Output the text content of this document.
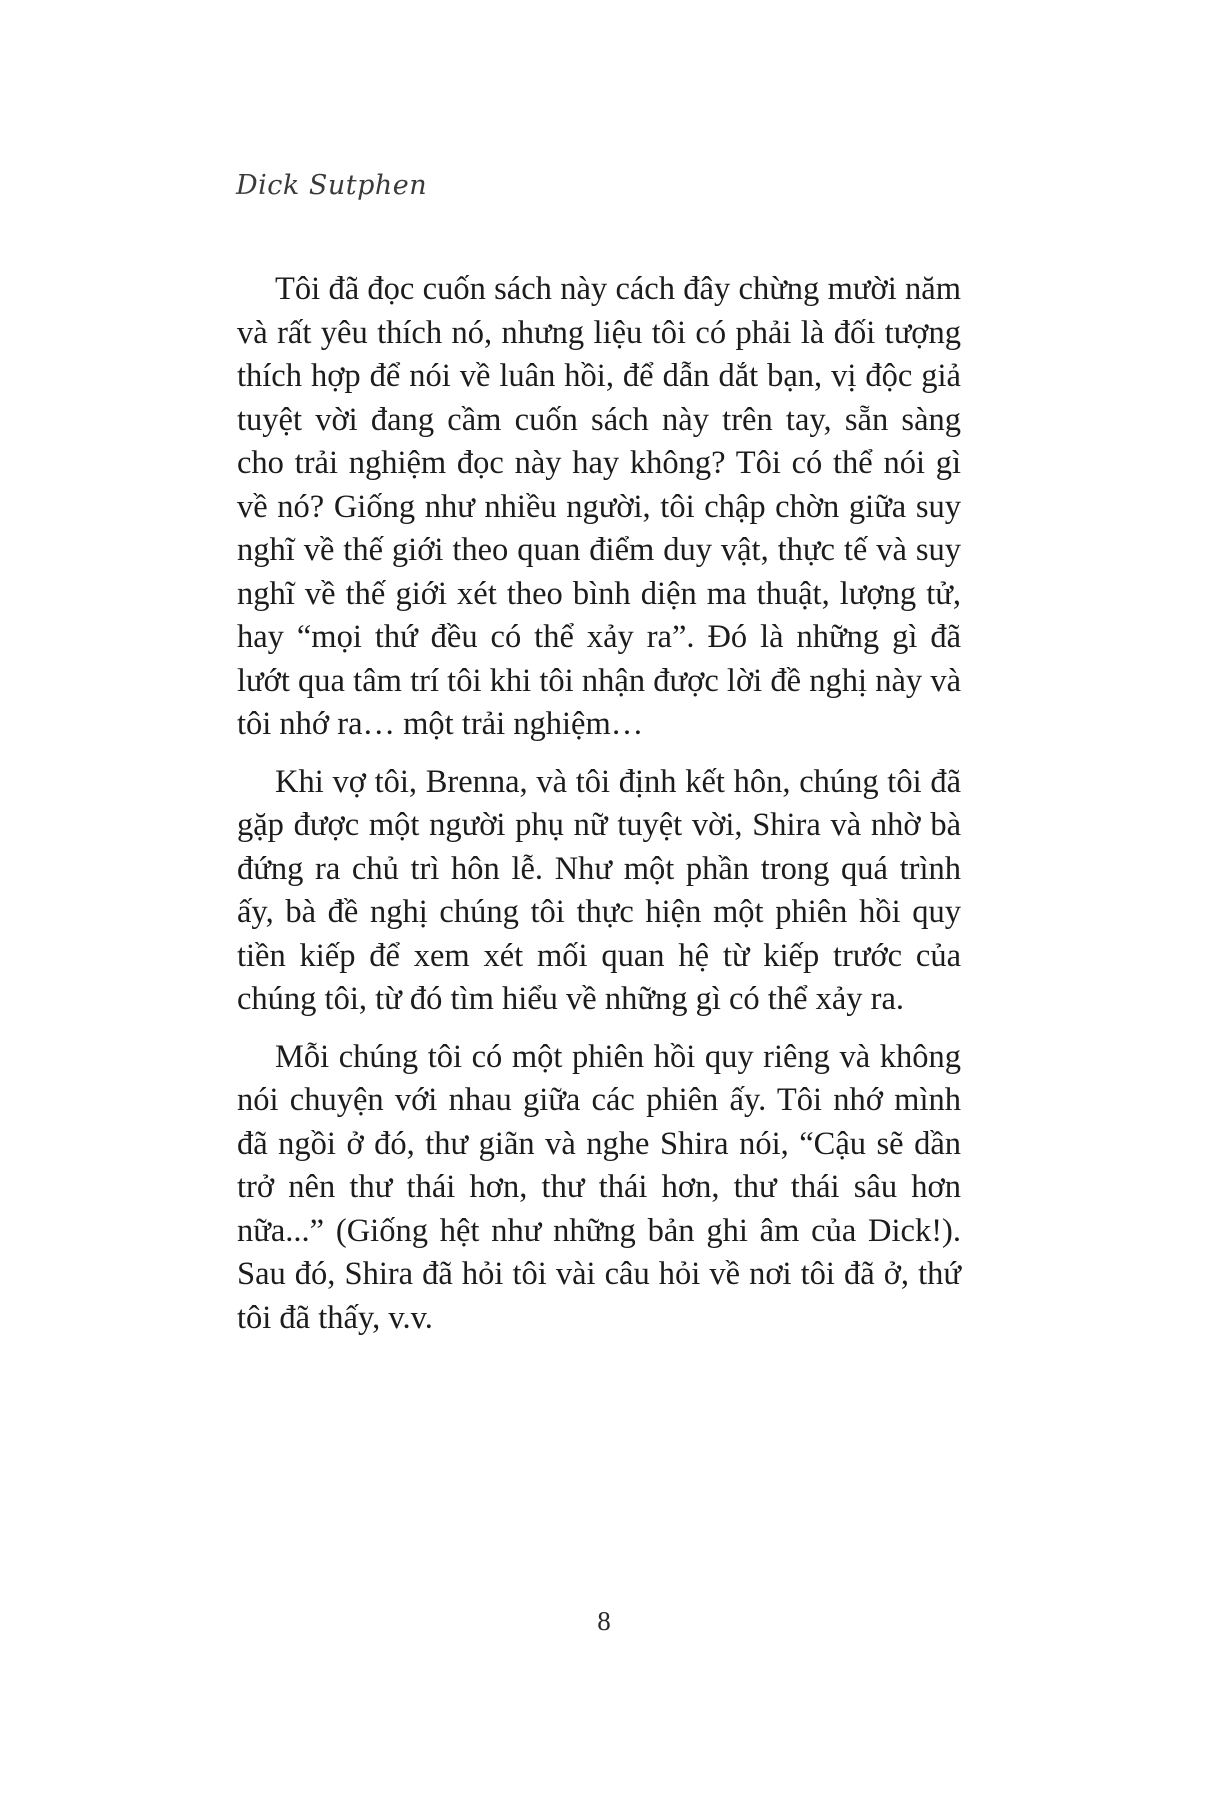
Dick Sutphen

Tôi đã đọc cuốn sách này cách đây chừng mười năm và rất yêu thích nó, nhưng liệu tôi có phải là đối tượng thích hợp để nói về luân hồi, để dẫn dắt bạn, vị độc giả tuyệt vời đang cầm cuốn sách này trên tay, sẵn sàng cho trải nghiệm đọc này hay không? Tôi có thể nói gì về nó? Giống như nhiều người, tôi chập chờn giữa suy nghĩ về thế giới theo quan điểm duy vật, thực tế và suy nghĩ về thế giới xét theo bình diện ma thuật, lượng tử, hay “mọi thứ đều có thể xảy ra”. Đó là những gì đã lướt qua tâm trí tôi khi tôi nhận được lời đề nghị này và tôi nhớ ra… một trải nghiệm…

Khi vợ tôi, Brenna, và tôi định kết hôn, chúng tôi đã gặp được một người phụ nữ tuyệt vời, Shira và nhờ bà đứng ra chủ trì hôn lễ. Như một phần trong quá trình ấy, bà đề nghị chúng tôi thực hiện một phiên hồi quy tiền kiếp để xem xét mối quan hệ từ kiếp trước của chúng tôi, từ đó tìm hiểu về những gì có thể xảy ra.

Mỗi chúng tôi có một phiên hồi quy riêng và không nói chuyện với nhau giữa các phiên ấy. Tôi nhớ mình đã ngồi ở đó, thư giãn và nghe Shira nói, “Cậu sẽ dần trở nên thư thái hơn, thư thái hơn, thư thái sâu hơn nữa...” (Giống hệt như những bản ghi âm của Dick!). Sau đó, Shira đã hỏi tôi vài câu hỏi về nơi tôi đã ở, thứ tôi đã thấy, v.v.

8
